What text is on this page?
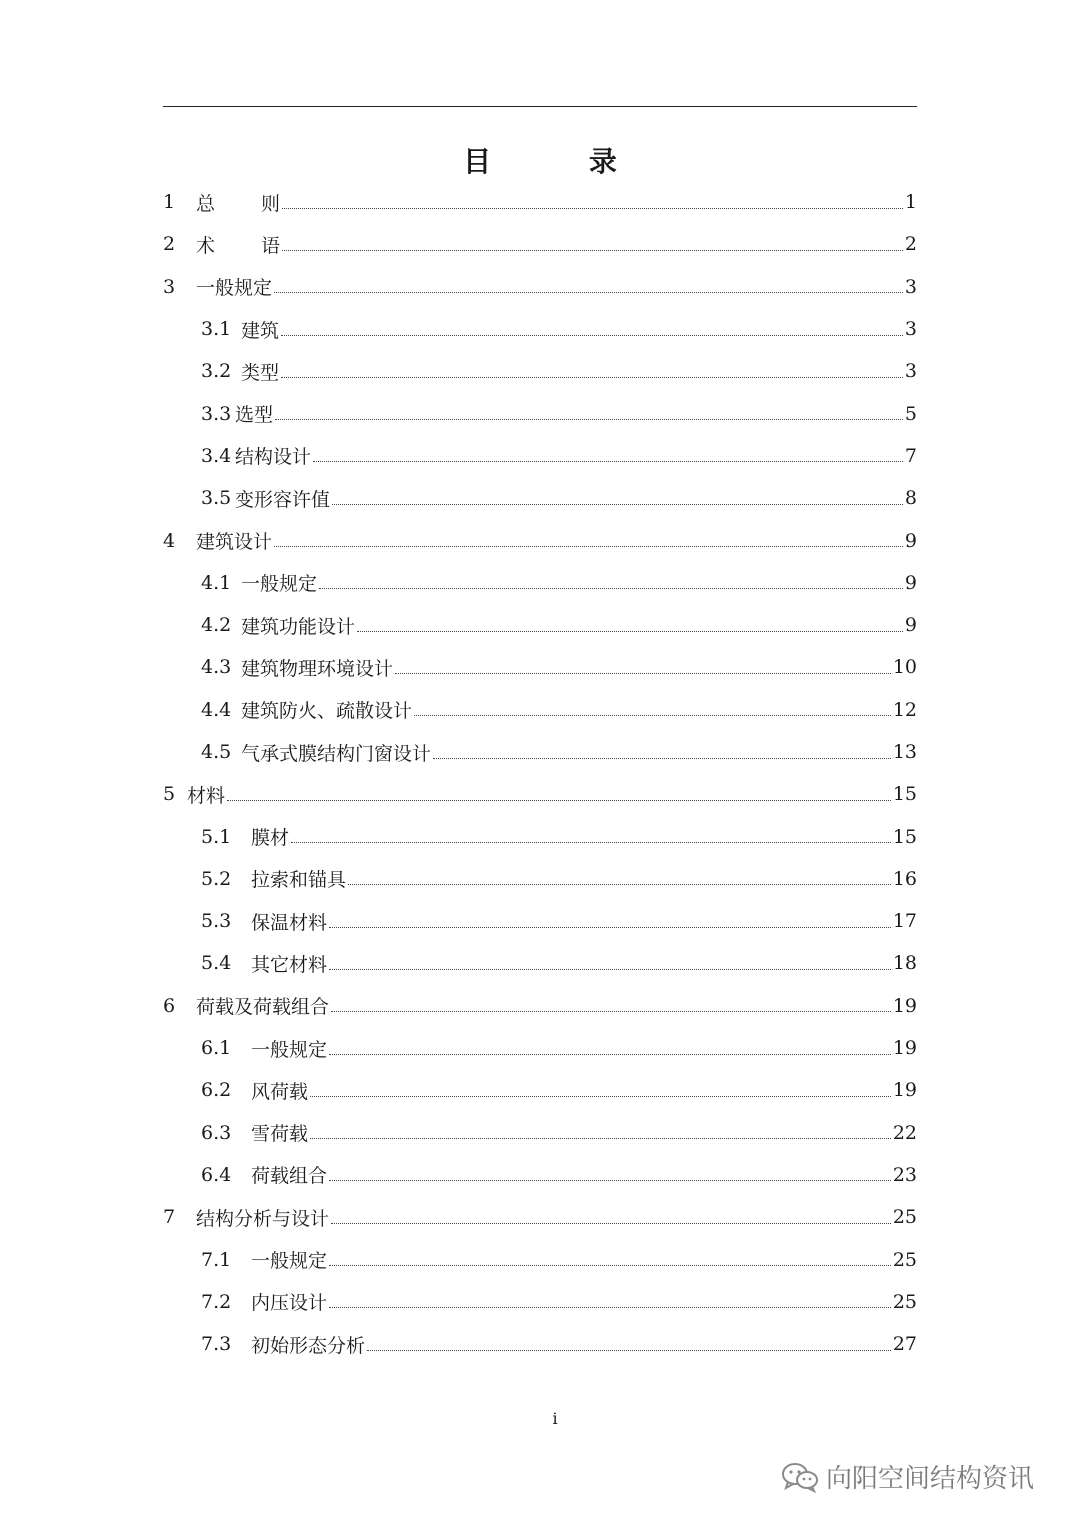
目 录
1	总则	1
2	术语	2
3	一般规定	3
3.1 建筑	3
3.2 类型	3
3.3 选型	5
3.4 结构设计	7
3.5 变形容许值	8
4	建筑设计	9
4.1 一般规定	9
4.2 建筑功能设计	9
4.3 建筑物理环境设计	10
4.4 建筑防火、疏散设计	12
4.5 气承式膜结构门窗设计	13
5 材料	15
5.1	膜材	15
5.2	拉索和锚具	16
5.3	保温材料	17
5.4	其它材料	18
6	荷载及荷载组合	19
6.1	一般规定	19
6.2	风荷载	19
6.3	雪荷载	22
6.4	荷载组合	23
7	结构分析与设计	25
7.1	一般规定	25
7.2	内压设计	25
7.3	初始形态分析	27
i
向阳空间结构资讯
